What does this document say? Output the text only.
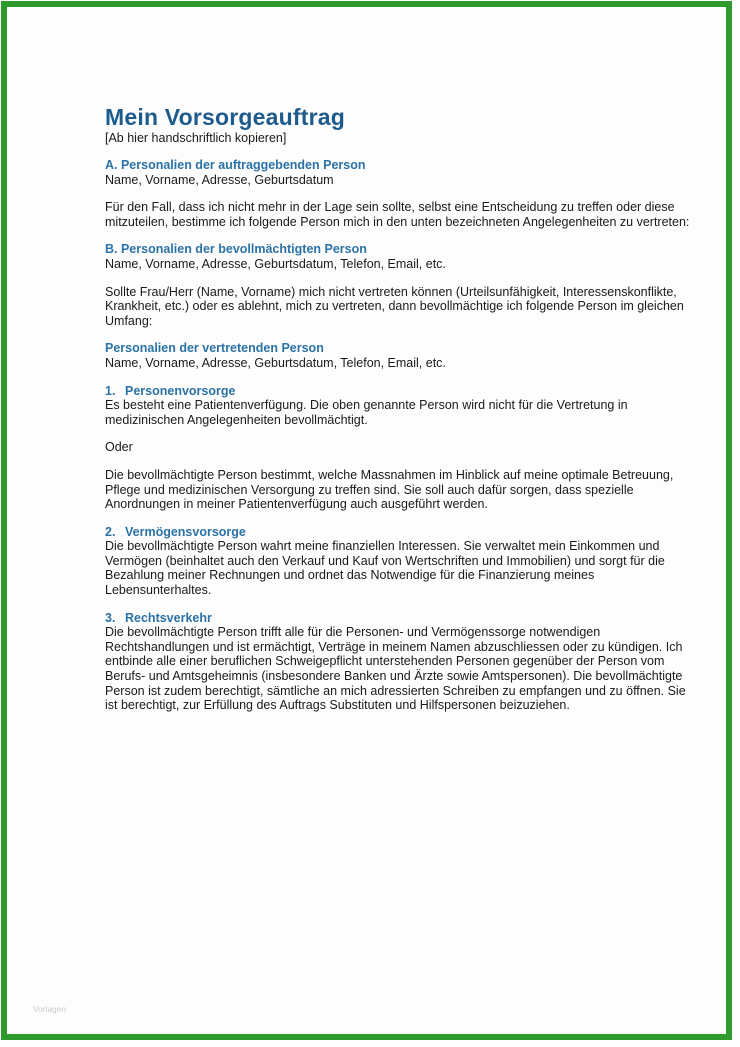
Mein Vorsorgeauftrag

[Ab hier handschriftlich kopieren]

A. Personalien der auftraggebenden Person

Name, Vorname, Adresse, Geburtsdatum

Für den Fall, dass ich nicht mehr in der Lage sein sollte, selbst eine Entscheidung zu treffen oder diese mitzuteilen, bestimme ich folgende Person mich in den unten bezeichneten Angelegenheiten zu vertreten:

B. Personalien der bevollmächtigten Person

Name, Vorname, Adresse, Geburtsdatum, Telefon, Email, etc.

Sollte Frau/Herr (Name, Vorname) mich nicht vertreten können (Urteilsunfähigkeit, Interessenskonflikte, Krankheit, etc.) oder es ablehnt, mich zu vertreten, dann bevollmächtige ich folgende Person im gleichen Umfang:

Personalien der vertretenden Person

Name, Vorname, Adresse, Geburtsdatum, Telefon, Email, etc.

1. Personenvorsorge

Es besteht eine Patientenverfügung. Die oben genannte Person wird nicht für die Vertretung in medizinischen Angelegenheiten bevollmächtigt.

Oder

Die bevollmächtigte Person bestimmt, welche Massnahmen im Hinblick auf meine optimale Betreuung, Pflege und medizinischen Versorgung zu treffen sind. Sie soll auch dafür sorgen, dass spezielle Anordnungen in meiner Patientenverfügung auch ausgeführt werden.

2. Vermögensvorsorge

Die bevollmächtigte Person wahrt meine finanziellen Interessen. Sie verwaltet mein Einkommen und Vermögen (beinhaltet auch den Verkauf und Kauf von Wertschriften und Immobilien) und sorgt für die Bezahlung meiner Rechnungen und ordnet das Notwendige für die Finanzierung meines Lebensunterhaltes.

3. Rechtsverkehr

Die bevollmächtigte Person trifft alle für die Personen- und Vermögenssorge notwendigen Rechtshandlungen und ist ermächtigt, Verträge in meinem Namen abzuschliessen oder zu kündigen. Ich entbinde alle einer beruflichen Schweigepflicht unterstehenden Personen gegenüber der Person vom Berufs- und Amtsgeheimnis (insbesondere Banken und Ärzte sowie Amtspersonen). Die bevollmächtigte Person ist zudem berechtigt, sämtliche an mich adressierten Schreiben zu empfangen und zu öffnen. Sie ist berechtigt, zur Erfüllung des Auftrags Substituten und Hilfspersonen beizuziehen.

Vorlagen
